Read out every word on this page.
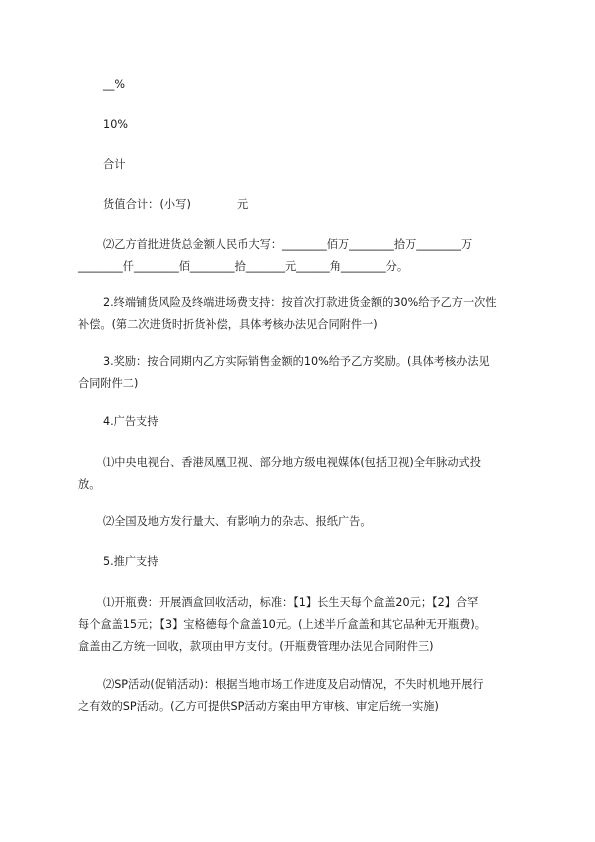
__%
10%
合计
货值合计：(小写)	元
⑵乙方首批进货总金额人民币大写：________佰万________拾万________万
________仟________佰________拾_______元______角________分。
2.终端铺货风险及终端进场费支持：按首次打款进货金额的30%给予乙方一次性
补偿。(第二次进货时折货补偿，具体考核办法见合同附件一)
3.奖励：按合同期内乙方实际销售金额的10%给予乙方奖励。(具体考核办法见
合同附件二)
4.广告支持
⑴中央电视台、香港凤凰卫视、部分地方级电视媒体(包括卫视)全年脉动式投
放。
⑵全国及地方发行量大、有影响力的杂志、报纸广告。
5.推广支持
⑴开瓶费：开展酒盒回收活动，标准：【1】长生天每个盒盖20元；【2】合罕
每个盒盖15元；【3】宝格德每个盒盖10元。(上述半斤盒盖和其它品种无开瓶费)。
盒盖由乙方统一回收，款项由甲方支付。(开瓶费管理办法见合同附件三)
⑵SP活动(促销活动)：根据当地市场工作进度及启动情况，不失时机地开展行
之有效的SP活动。(乙方可提供SP活动方案由甲方审核、审定后统一实施)
